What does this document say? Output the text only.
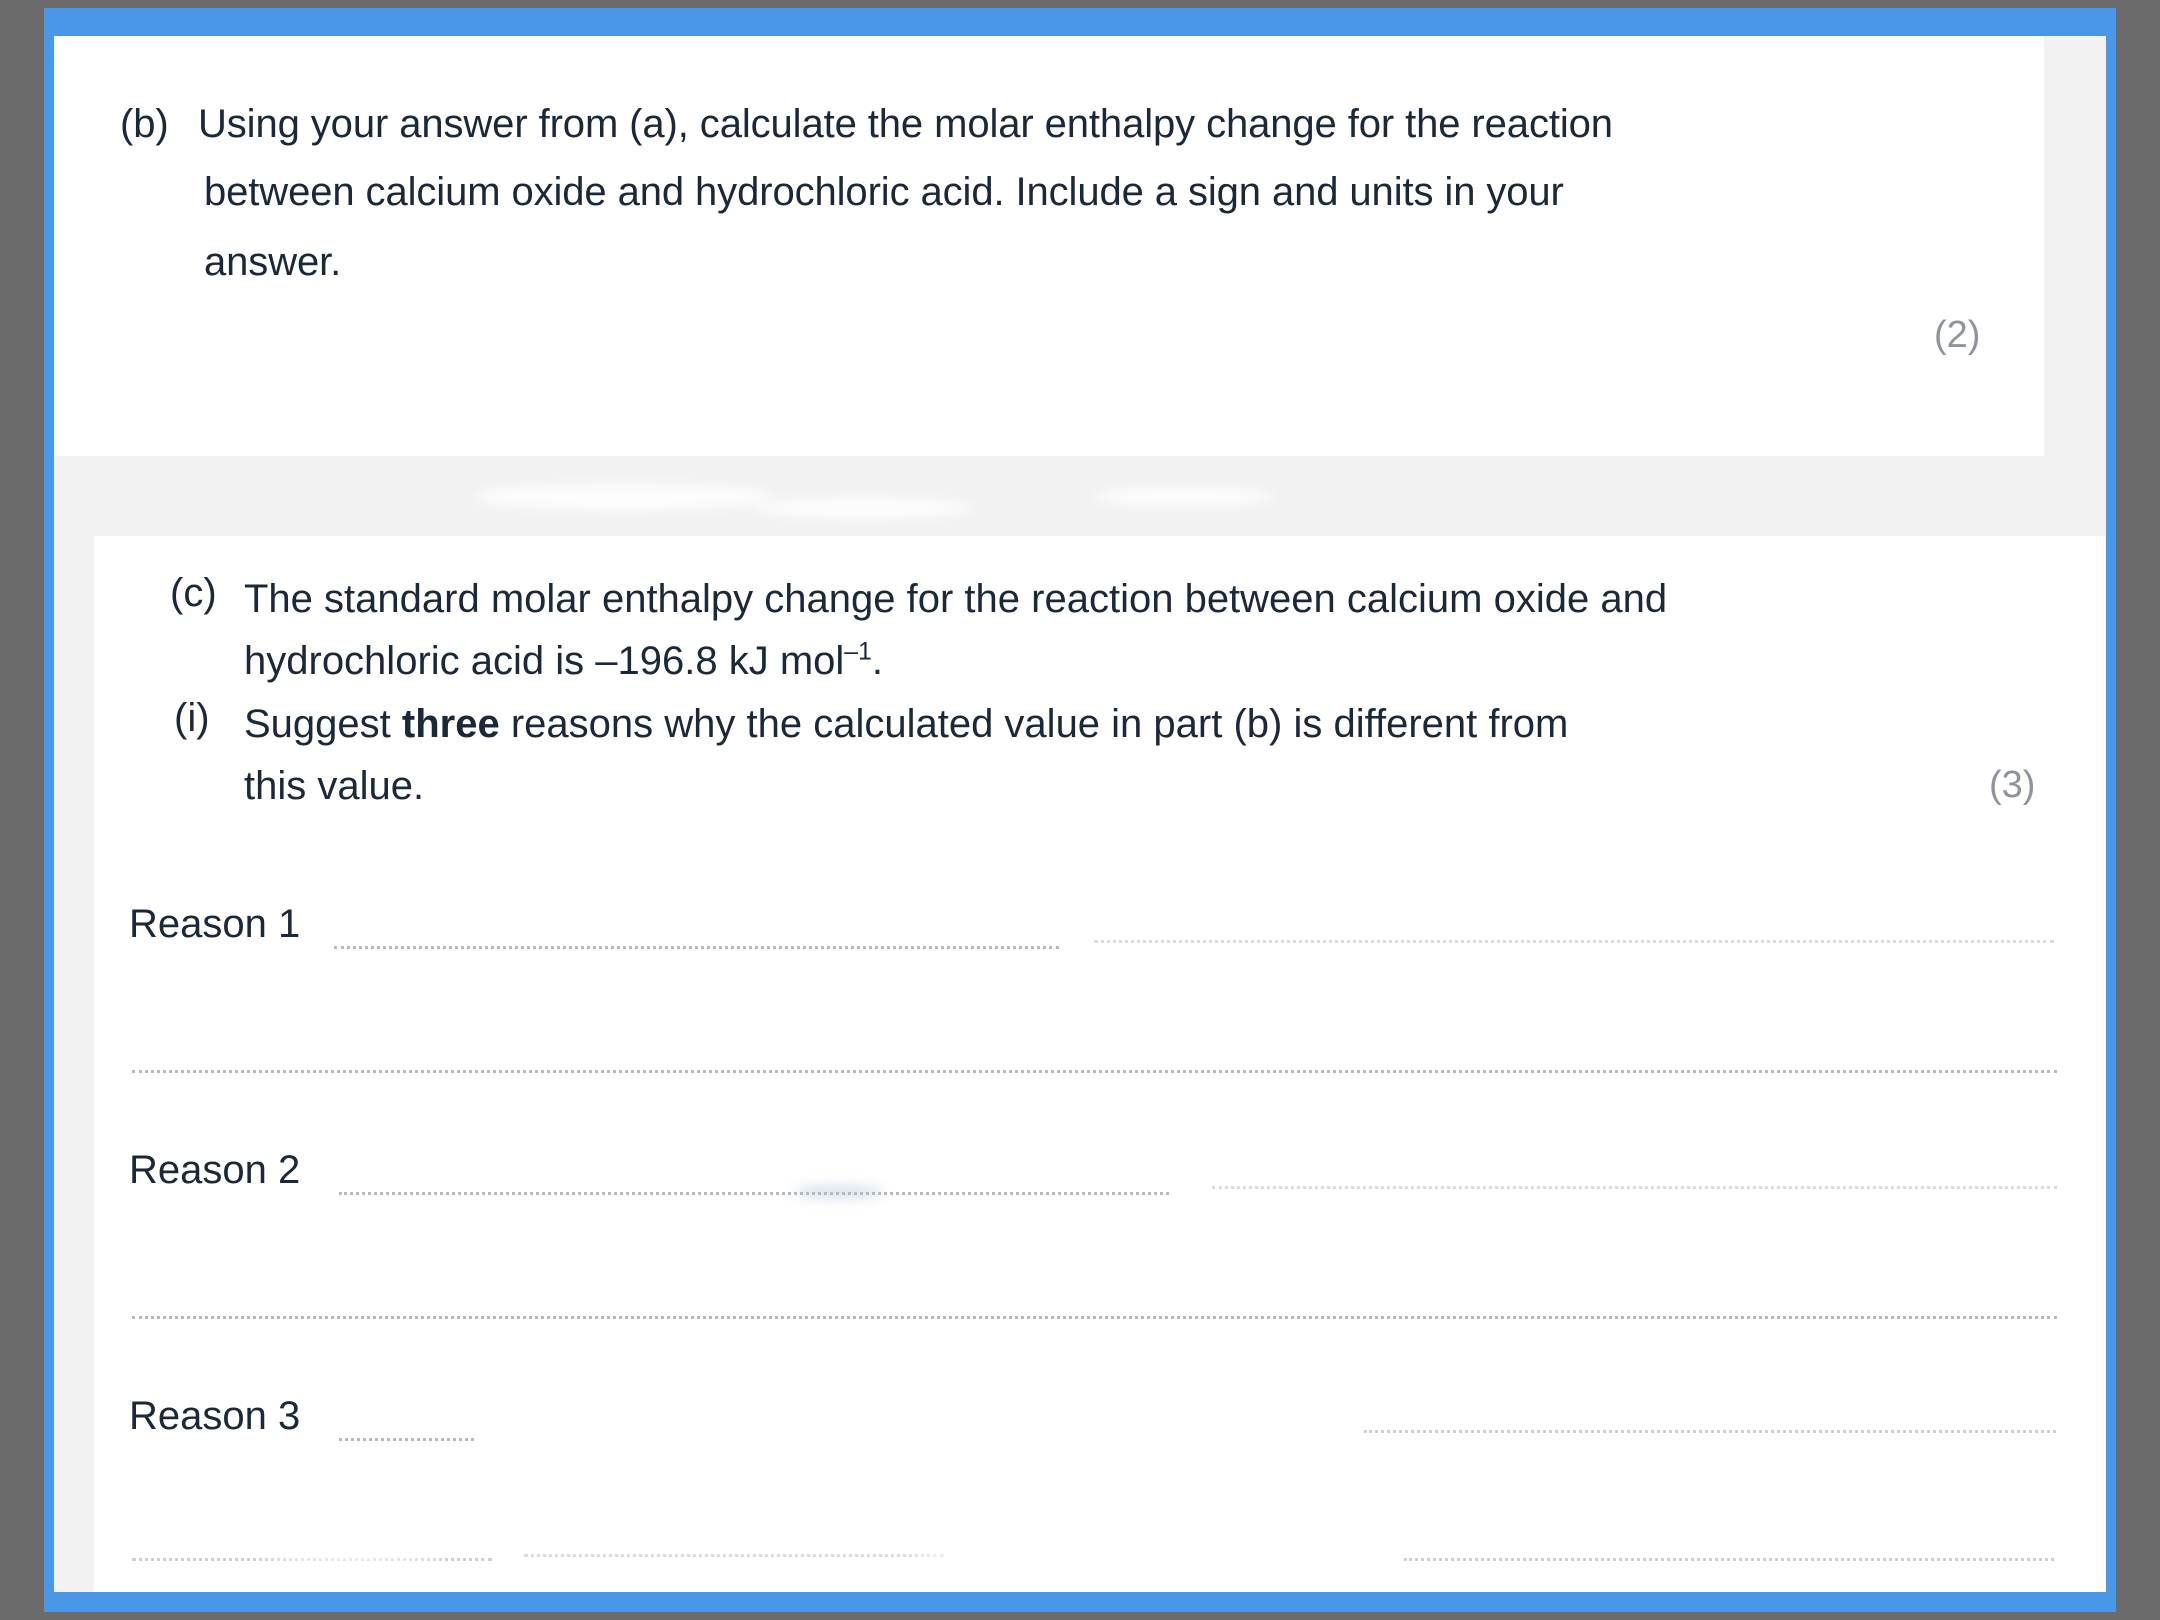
(b) Using your answer from (a), calculate the molar enthalpy change for the reaction
between calcium oxide and hydrochloric acid. Include a sign and units in your
answer.
(2)
(c) The standard molar enthalpy change for the reaction between calcium oxide and
hydrochloric acid is –196.8 kJ mol$^{-1}$.
(i) Suggest three reasons why the calculated value in part (b) is different from
this value.	(3)
Reason 1
Reason 2
Reason 3
